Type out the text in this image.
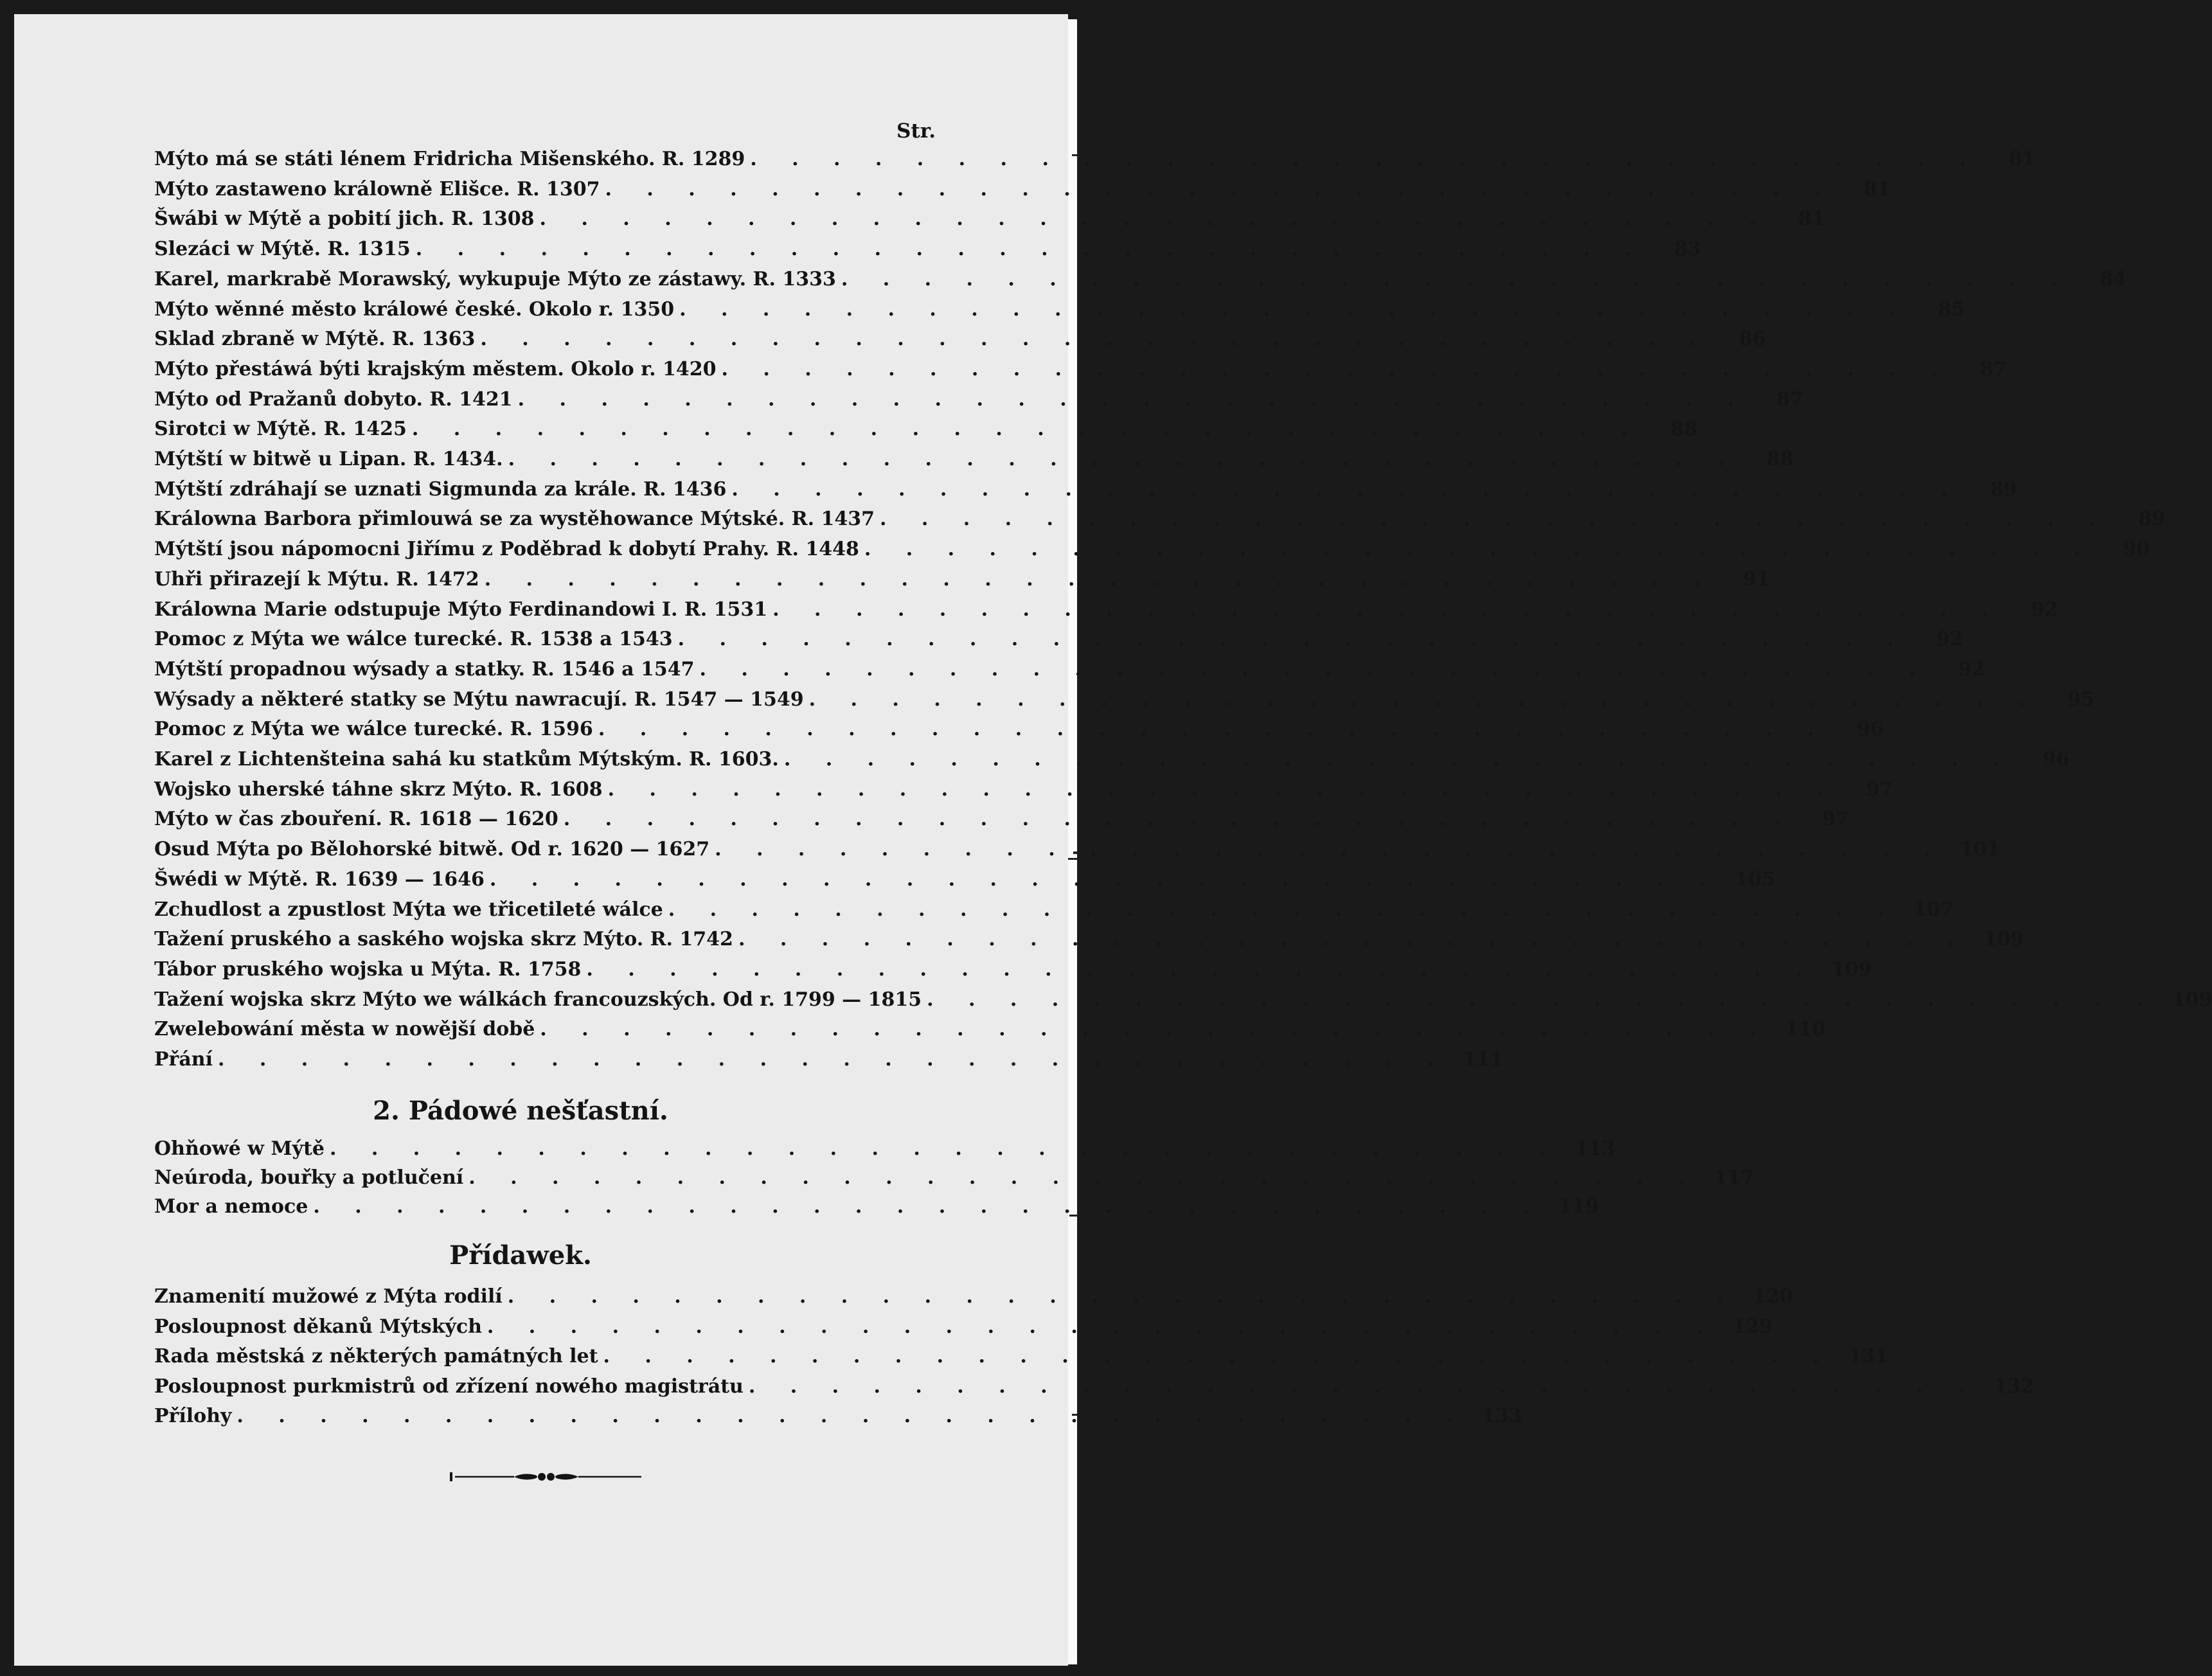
Str.
Mýto má se státi lénem Fridricha Mišenského. R. 1289 . . . . . . . . . . . . . . . . . . . . . . . . . . . . . .	81
Mýto zastaweno králowně Elišce. R. 1307 . . . . . . . . . . . . . . . . . . . . . . . . . . . . . .	81
Šwábi w Mýtě a pobití jich. R. 1308 . . . . . . . . . . . . . . . . . . . . . . . . . . . . . .	81
Slezáci w Mýtě. R. 1315 . . . . . . . . . . . . . . . . . . . . . . . . . . . . . .	83
Karel, markrabě Morawský, wykupuje Mýto ze zástawy. R. 1333 . . . . . . . . . . . . . . . . . . . . . . . . . . . . . .	84
Mýto wěnné město králowé české. Okolo r. 1350 . . . . . . . . . . . . . . . . . . . . . . . . . . . . . .	85
Sklad zbraně w Mýtě. R. 1363 . . . . . . . . . . . . . . . . . . . . . . . . . . . . . .	86
Mýto přestáwá býti krajským městem. Okolo r. 1420 . . . . . . . . . . . . . . . . . . . . . . . . . . . . . .	87
Mýto od Pražanů dobyto. R. 1421 . . . . . . . . . . . . . . . . . . . . . . . . . . . . . .	87
Sirotci w Mýtě. R. 1425 . . . . . . . . . . . . . . . . . . . . . . . . . . . . . .	88
Mýtští w bitwě u Lipan. R. 1434. . . . . . . . . . . . . . . . . . . . . . . . . . . . . . .	88
Mýtští zdráhají se uznati Sigmunda za krále. R. 1436 . . . . . . . . . . . . . . . . . . . . . . . . . . . . . .	89
Králowna Barbora přimlouwá se za wystěhowance Mýtské. R. 1437 . . . . . . . . . . . . . . . . . . . . . . . . . . . . . .	89
Mýtští jsou nápomocni Jiřímu z Poděbrad k dobytí Prahy. R. 1448 . . . . . . . . . . . . . . . . . . . . . . . . . . . . . .	90
Uhři přirazejí k Mýtu. R. 1472 . . . . . . . . . . . . . . . . . . . . . . . . . . . . . .	91
Králowna Marie odstupuje Mýto Ferdinandowi I. R. 1531 . . . . . . . . . . . . . . . . . . . . . . . . . . . . . .	92
Pomoc z Mýta we wálce turecké. R. 1538 a 1543 . . . . . . . . . . . . . . . . . . . . . . . . . . . . . .	92
Mýtští propadnou wýsady a statky. R. 1546 a 1547 . . . . . . . . . . . . . . . . . . . . . . . . . . . . . .	92
Wýsady a některé statky se Mýtu nawracují. R. 1547 — 1549 . . . . . . . . . . . . . . . . . . . . . . . . . . . . . .	95
Pomoc z Mýta we wálce turecké. R. 1596 . . . . . . . . . . . . . . . . . . . . . . . . . . . . . .	96
Karel z Lichtenšteina sahá ku statkům Mýtským. R. 1603. . . . . . . . . . . . . . . . . . . . . . . . . . . . . . .	96
Wojsko uherské táhne skrz Mýto. R. 1608 . . . . . . . . . . . . . . . . . . . . . . . . . . . . . .	97
Mýto w čas zbouření. R. 1618 — 1620 . . . . . . . . . . . . . . . . . . . . . . . . . . . . . .	97
Osud Mýta po Bělohorské bitwě. Od r. 1620 — 1627 . . . . . . . . . . . . . . . . . . . . . . . . . . . . . . 101
Šwédi w Mýtě. R. 1639 — 1646 . . . . . . . . . . . . . . . . . . . . . . . . . . . . . . 105
Zchudlost a zpustlost Mýta we třicetileté wálce . . . . . . . . . . . . . . . . . . . . . . . . . . . . . . 107
Tažení pruského a saského wojska skrz Mýto. R. 1742 . . . . . . . . . . . . . . . . . . . . . . . . . . . . . . 109
Tábor pruského wojska u Mýta. R. 1758 . . . . . . . . . . . . . . . . . . . . . . . . . . . . . . 109
Tažení wojska skrz Mýto we wálkách francouzských. Od r. 1799 — 1815 . . . . . . . . . . . . . . . . . . . . . . . . . . . . . . 109
Zwelebowání města w nowější době . . . . . . . . . . . . . . . . . . . . . . . . . . . . . . 110
Přání . . . . . . . . . . . . . . . . . . . . . . . . . . . . . . 111
2. Pádowé nešťastní.
Ohňowé w Mýtě . . . . . . . . . . . . . . . . . . . . . . . . . . . . . . 113
Neúroda, bouřky a potlučení . . . . . . . . . . . . . . . . . . . . . . . . . . . . . . 117
Mor a nemoce . . . . . . . . . . . . . . . . . . . . . . . . . . . . . . 119
Přídawek.
Znamenití mužowé z Mýta rodilí . . . . . . . . . . . . . . . . . . . . . . . . . . . . . . 120
Posloupnost děkanů Mýtských . . . . . . . . . . . . . . . . . . . . . . . . . . . . . . 129
Rada městská z některých památných let . . . . . . . . . . . . . . . . . . . . . . . . . . . . . . 131
Posloupnost purkmistrů od zřízení nowého magistrátu . . . . . . . . . . . . . . . . . . . . . . . . . . . . . . 132
Přílohy . . . . . . . . . . . . . . . . . . . . . . . . . . . . . . 133
